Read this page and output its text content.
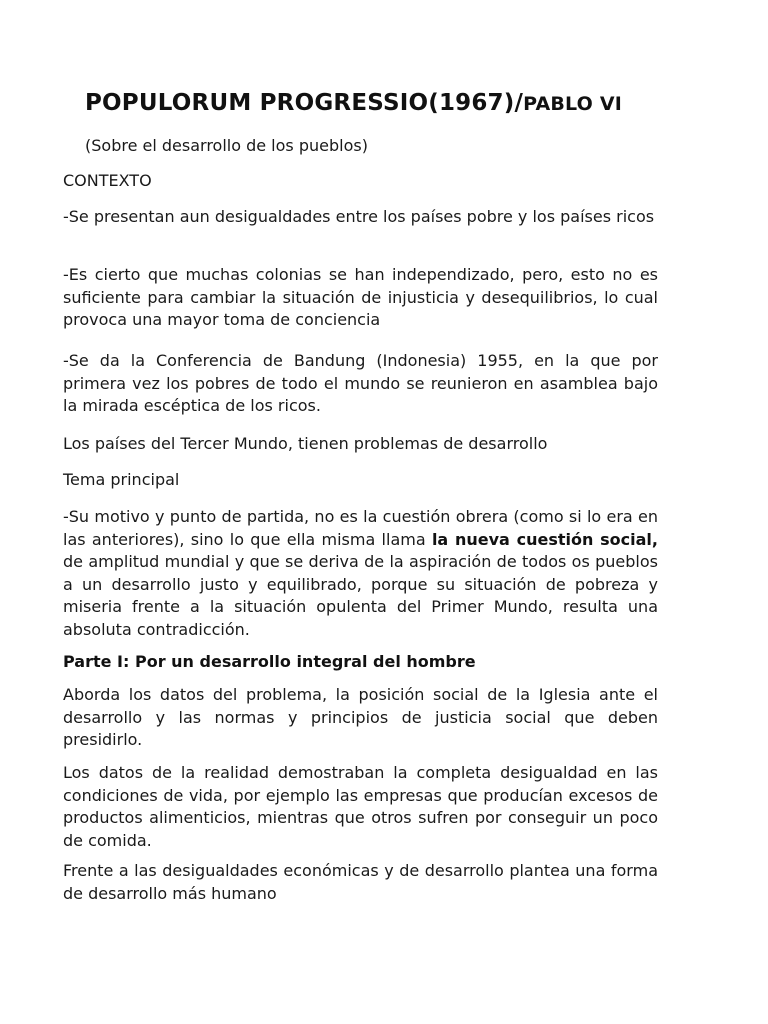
POPULORUM PROGRESSIO(1967)/PABLO VI
(Sobre el desarrollo de los pueblos)

CONTEXTO

-Se presentan aun desigualdades entre los países pobre y los países ricos

-Es cierto que muchas colonias se han independizado, pero, esto no es suficiente para cambiar la situación de injusticia y desequilibrios, lo cual provoca una mayor toma de conciencia

-Se da la Conferencia de Bandung (Indonesia) 1955, en la que por primera vez los pobres de todo el mundo se reunieron en asamblea bajo la mirada escéptica de los ricos.

Los países del Tercer Mundo, tienen problemas de desarrollo

Tema principal

-Su motivo y punto de partida, no es la cuestión obrera (como si lo era en las anteriores), sino lo que ella misma llama la nueva cuestión social, de amplitud mundial y que se deriva de la aspiración de todos os pueblos a un desarrollo justo y equilibrado, porque su situación de pobreza y miseria frente a la situación opulenta del Primer Mundo, resulta una absoluta contradicción.

Parte I: Por un desarrollo integral del hombre

Aborda los datos del problema, la posición social de la Iglesia ante el desarrollo y las normas y principios de justicia social que deben presidirlo.

Los datos de la realidad demostraban la completa desigualdad en las condiciones de vida, por ejemplo las empresas que producían excesos de productos alimenticios, mientras que otros sufren por conseguir un poco de comida.

Frente a las desigualdades económicas y de desarrollo plantea una forma de desarrollo más humano
